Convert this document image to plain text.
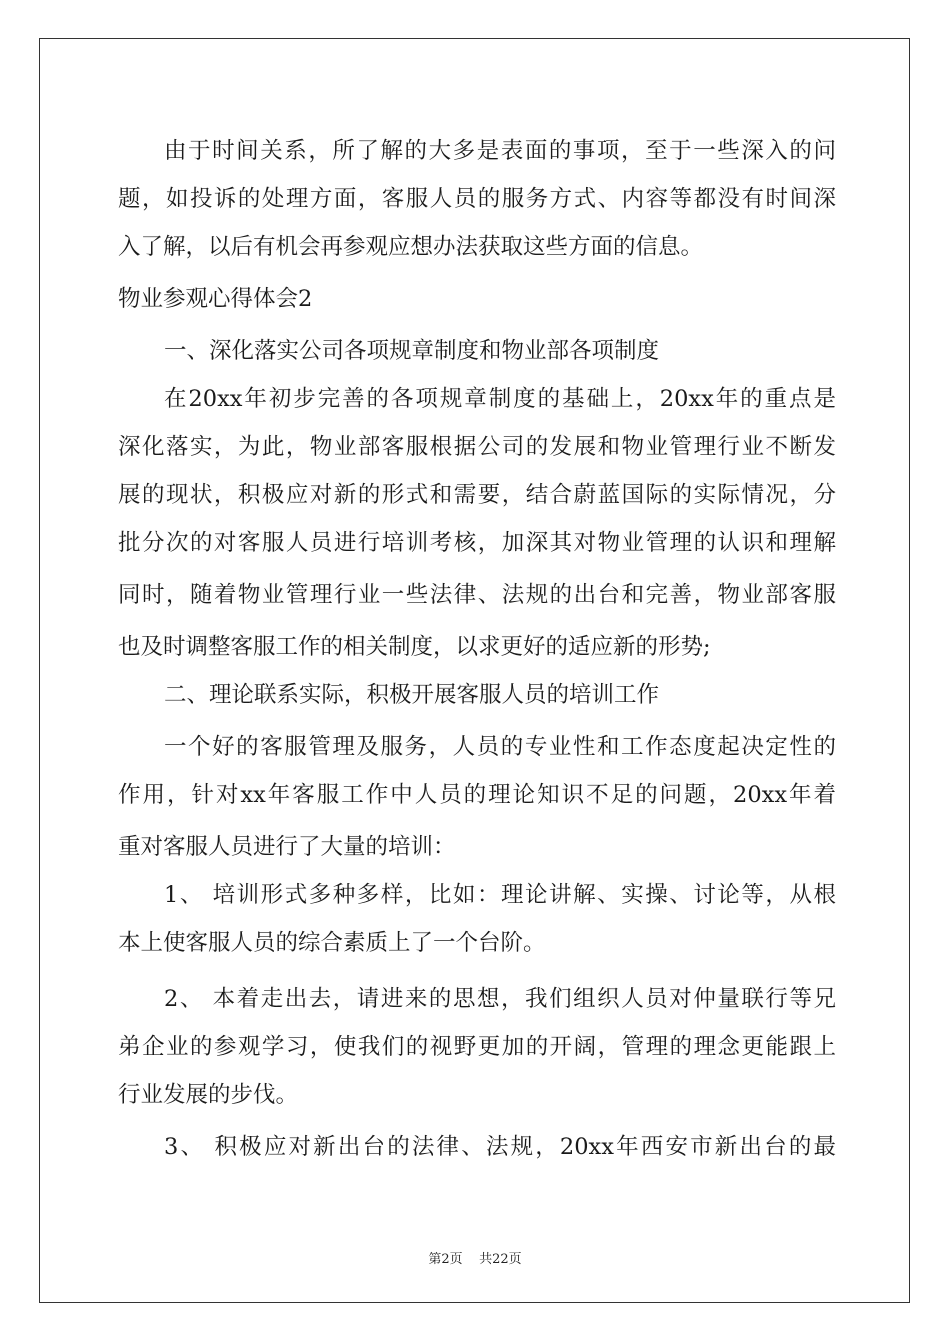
由于时间关系，所了解的大多是表面的事项，至于一些深入的问
题，如投诉的处理方面，客服人员的服务方式、内容等都没有时间深
入了解，以后有机会再参观应想办法获取这些方面的信息。
物业参观心得体会2
一、深化落实公司各项规章制度和物业部各项制度
在20xx年初步完善的各项规章制度的基础上，20xx年的重点是
深化落实，为此，物业部客服根据公司的发展和物业管理行业不断发
展的现状，积极应对新的形式和需要，结合蔚蓝国际的实际情况，分
批分次的对客服人员进行培训考核，加深其对物业管理的认识和理解
同时，随着物业管理行业一些法律、法规的出台和完善，物业部客服
也及时调整客服工作的相关制度，以求更好的适应新的形势;
二、理论联系实际，积极开展客服人员的培训工作
一个好的客服管理及服务，人员的专业性和工作态度起决定性的
作用，针对xx年客服工作中人员的理论知识不足的问题，20xx年着
重对客服人员进行了大量的培训：
1、 培训形式多种多样，比如：理论讲解、实操、讨论等，从根
本上使客服人员的综合素质上了一个台阶。
2、 本着走出去，请进来的思想，我们组织人员对仲量联行等兄
弟企业的参观学习，使我们的视野更加的开阔，管理的理念更能跟上
行业发展的步伐。
3、 积极应对新出台的法律、法规，20xx年西安市新出台的最
第2页 共22页
